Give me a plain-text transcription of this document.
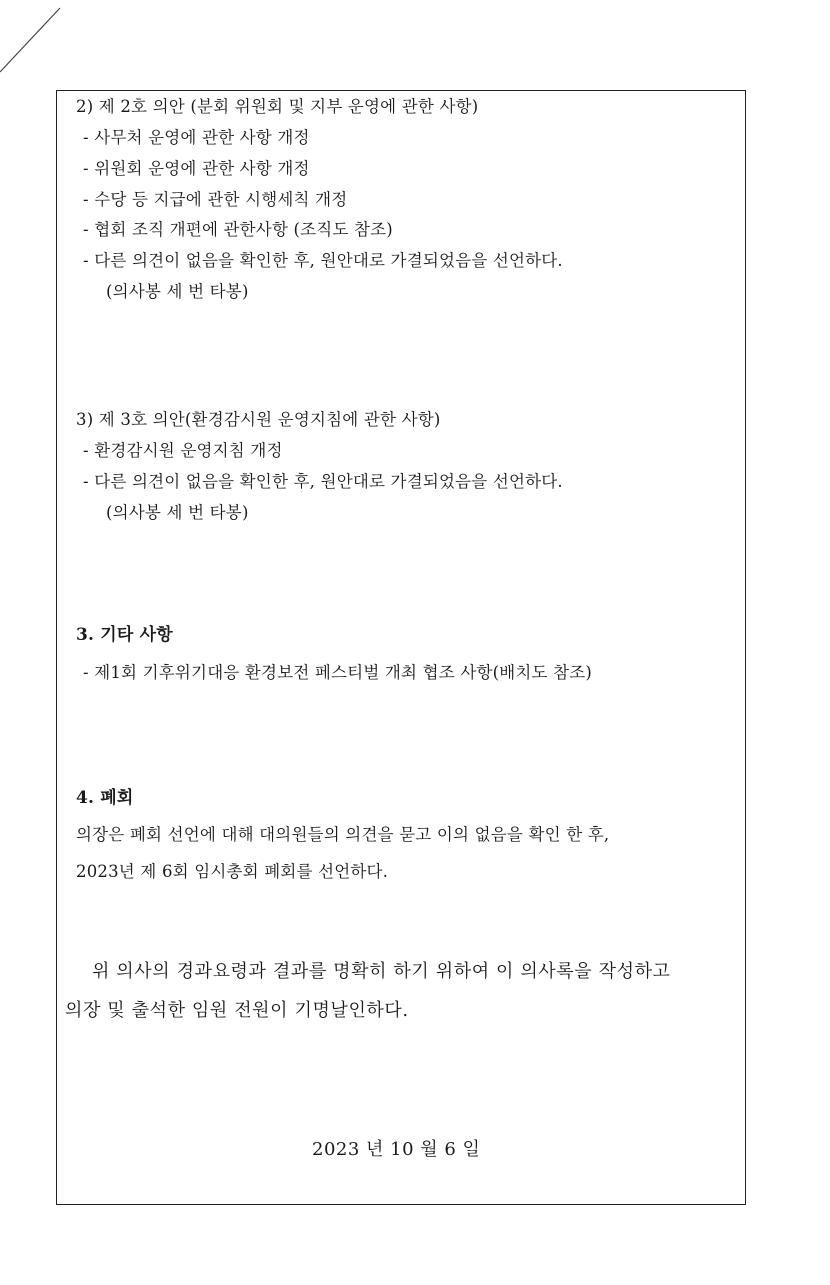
2) 제 2호 의안 (분회 위원회 및 지부 운영에 관한 사항)
- 사무처 운영에 관한 사항 개정
- 위원회 운영에 관한 사항 개정
- 수당 등 지급에 관한 시행세칙 개정
- 협회 조직 개편에 관한사항 (조직도 참조)
- 다른 의견이 없음을 확인한 후, 원안대로 가결되었음을 선언하다.
(의사봉 세 번 타봉)
3) 제 3호 의안(환경감시원 운영지침에 관한 사항)
- 환경감시원 운영지침 개정
- 다른 의견이 없음을 확인한 후, 원안대로 가결되었음을 선언하다.
(의사봉 세 번 타봉)
3. 기타 사항
- 제1회 기후위기대응 환경보전 페스티벌 개최 협조 사항(배치도 참조)
4. 폐회
의장은 폐회 선언에 대해 대의원들의 의견을 묻고 이의 없음을 확인 한 후,
2023년 제 6회 임시총회 폐회를 선언하다.
위 의사의 경과요령과 결과를 명확히 하기 위하여 이 의사록을 작성하고
의장 및 출석한 임원 전원이 기명날인하다.
2023 년 10 월 6 일
